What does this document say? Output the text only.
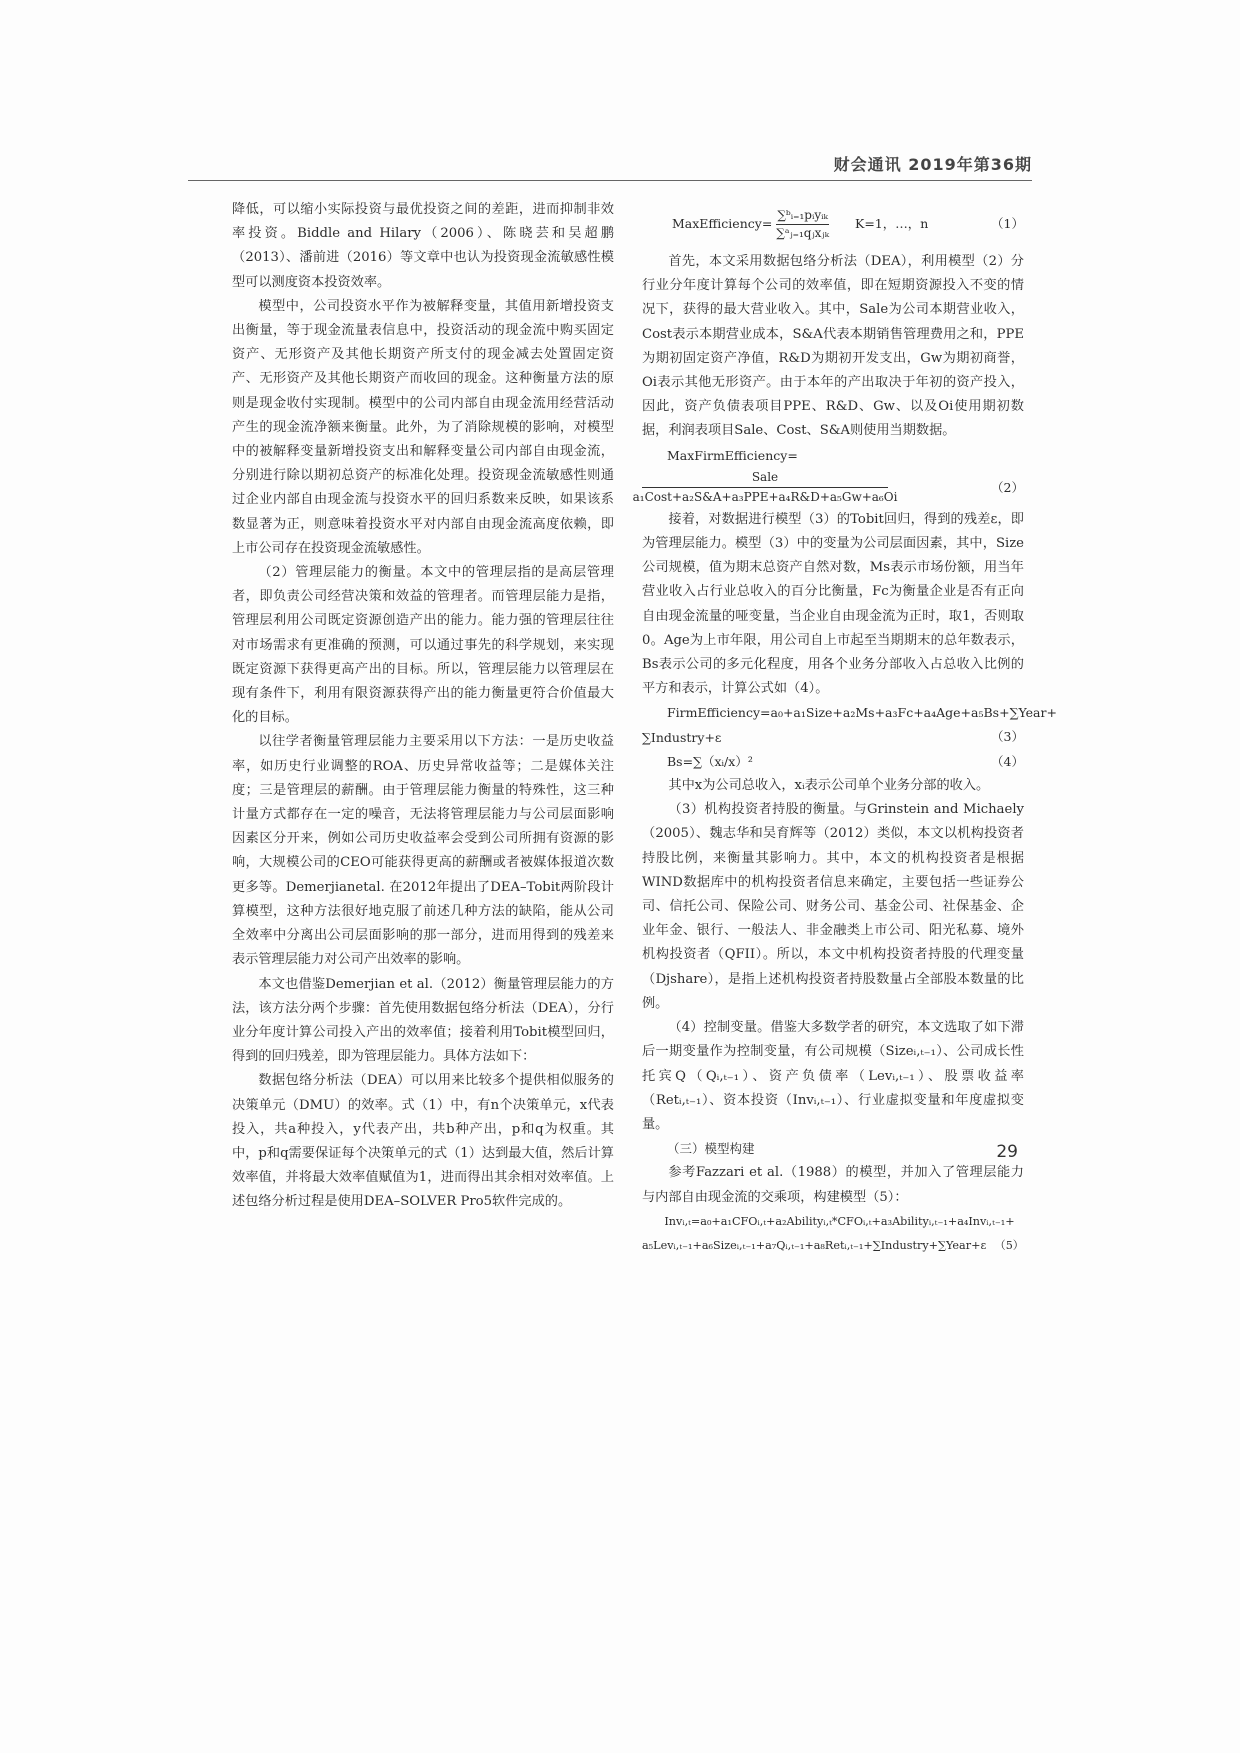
财会通讯 2019年第36期

降低，可以缩小实际投资与最优投资之间的差距，进而抑制非效率投资。Biddle and Hilary（2006）、陈晓芸和吴超鹏（2013）、潘前进（2016）等文章中也认为投资现金流敏感性模型可以测度资本投资效率。

模型中，公司投资水平作为被解释变量，其值用新增投资支出衡量，等于现金流量表信息中，投资活动的现金流中购买固定资产、无形资产及其他长期资产所支付的现金减去处置固定资产、无形资产及其他长期资产而收回的现金。这种衡量方法的原则是现金收付实现制。模型中的公司内部自由现金流用经营活动产生的现金流净额来衡量。此外，为了消除规模的影响，对模型中的被解释变量新增投资支出和解释变量公司内部自由现金流，分别进行除以期初总资产的标准化处理。投资现金流敏感性则通过企业内部自由现金流与投资水平的回归系数来反映，如果该系数显著为正，则意味着投资水平对内部自由现金流高度依赖，即上市公司存在投资现金流敏感性。

（2）管理层能力的衡量。本文中的管理层指的是高层管理者，即负责公司经营决策和效益的管理者。而管理层能力是指，管理层利用公司既定资源创造产出的能力。能力强的管理层往往对市场需求有更准确的预测，可以通过事先的科学规划，来实现既定资源下获得更高产出的目标。所以，管理层能力以管理层在现有条件下，利用有限资源获得产出的能力衡量更符合价值最大化的目标。

以往学者衡量管理层能力主要采用以下方法：一是历史收益率，如历史行业调整的ROA、历史异常收益等；二是媒体关注度；三是管理层的薪酬。由于管理层能力衡量的特殊性，这三种计量方式都存在一定的噪音，无法将管理层能力与公司层面影响因素区分开来，例如公司历史收益率会受到公司所拥有资源的影响，大规模公司的CEO可能获得更高的薪酬或者被媒体报道次数更多等。Demerjianetal. 在2012年提出了DEA–Tobit两阶段计算模型，这种方法很好地克服了前述几种方法的缺陷，能从公司全效率中分离出公司层面影响的那一部分，进而用得到的残差来表示管理层能力对公司产出效率的影响。

本文也借鉴Demerjian et al.（2012）衡量管理层能力的方法，该方法分两个步骤：首先使用数据包络分析法（DEA），分行业分年度计算公司投入产出的效率值；接着利用Tobit模型回归，得到的回归残差，即为管理层能力。具体方法如下：

数据包络分析法（DEA）可以用来比较多个提供相似服务的决策单元（DMU）的效率。式（1）中，有n个决策单元，x代表投入，共a种投入，y代表产出，共b种产出，p和q为权重。其中，p和q需要保证每个决策单元的式（1）达到最大值，然后计算效率值，并将最大效率值赋值为1，进而得出其余相对效率值。上述包络分析过程是使用DEA–SOLVER Pro5软件完成的。

MaxEfficiency= $\frac{\text{∑ᵇᵢ₌₁pᵢyᵢₖ}}{\text{∑ᵃⱼ₌₁qⱼxⱼₖ}} K=1$，…，n	（1）

首先，本文采用数据包络分析法（DEA），利用模型（2）分行业分年度计算每个公司的效率值，即在短期资源投入不变的情况下，获得的最大营业收入。其中，Sale为公司本期营业收入，Cost表示本期营业成本，S&A代表本期销售管理费用之和，PPE为期初固定资产净值，R&D为期初开发支出，Gw为期初商誉，Oi表示其他无形资产。由于本年的产出取决于年初的资产投入，因此，资产负债表项目PPE、R&D、Gw、以及Oi使用期初数据，利润表项目Sale、Cost、S&A则使用当期数据。

MaxFirmEfficiency=
Sale
a₁Cost+a₂S&A+a₃PPE+a₄R&D+a₅Gw+a₆Oi
（2）

接着，对数据进行模型（3）的Tobit回归，得到的残差ε，即为管理层能力。模型（3）中的变量为公司层面因素，其中，Size公司规模，值为期末总资产自然对数，Ms表示市场份额，用当年营业收入占行业总收入的百分比衡量，Fc为衡量企业是否有正向自由现金流量的哑变量，当企业自由现金流为正时，取1，否则取0。Age为上市年限，用公司自上市起至当期期末的总年数表示，Bs表示公司的多元化程度，用各个业务分部收入占总收入比例的平方和表示，计算公式如（4）。

FirmEfficiency=a₀+a₁Size+a₂Ms+a₃Fc+a₄Age+a₅Bs+∑Year+
∑Industry+ε	（3）
Bs=∑（xᵢ/x）²	（4）

其中x为公司总收入，xᵢ表示公司单个业务分部的收入。

（3）机构投资者持股的衡量。与Grinstein and Michaely（2005）、魏志华和吴育辉等（2012）类似，本文以机构投资者持股比例，来衡量其影响力。其中，本文的机构投资者是根据WIND数据库中的机构投资者信息来确定，主要包括一些证券公司、信托公司、保险公司、财务公司、基金公司、社保基金、企业年金、银行、一般法人、非金融类上市公司、阳光私募、境外机构投资者（QFII）。所以，本文中机构投资者持股的代理变量（Djshare），是指上述机构投资者持股数量占全部股本数量的比例。

（4）控制变量。借鉴大多数学者的研究，本文选取了如下滞后一期变量作为控制变量，有公司规模（Sizeᵢ,ₜ₋₁）、公司成长性托宾Q（Qᵢ,ₜ₋₁）、资产负债率（Levᵢ,ₜ₋₁）、股票收益率（Retᵢ,ₜ₋₁）、资本投资（Invᵢ,ₜ₋₁）、行业虚拟变量和年度虚拟变量。

（三）模型构建

参考Fazzari et al.（1988）的模型，并加入了管理层能力与内部自由现金流的交乘项，构建模型（5）：

Invᵢ,ₜ=a₀+a₁CFOᵢ,ₜ+a₂Abilityᵢ,ₜ*CFOᵢ,ₜ+a₃Abilityᵢ,ₜ₋₁+a₄Invᵢ,ₜ₋₁+
a₅Levᵢ,ₜ₋₁+a₆Sizeᵢ,ₜ₋₁+a₇Qᵢ,ₜ₋₁+a₈Retᵢ,ₜ₋₁+∑Industry+∑Year+ε （5）
29
